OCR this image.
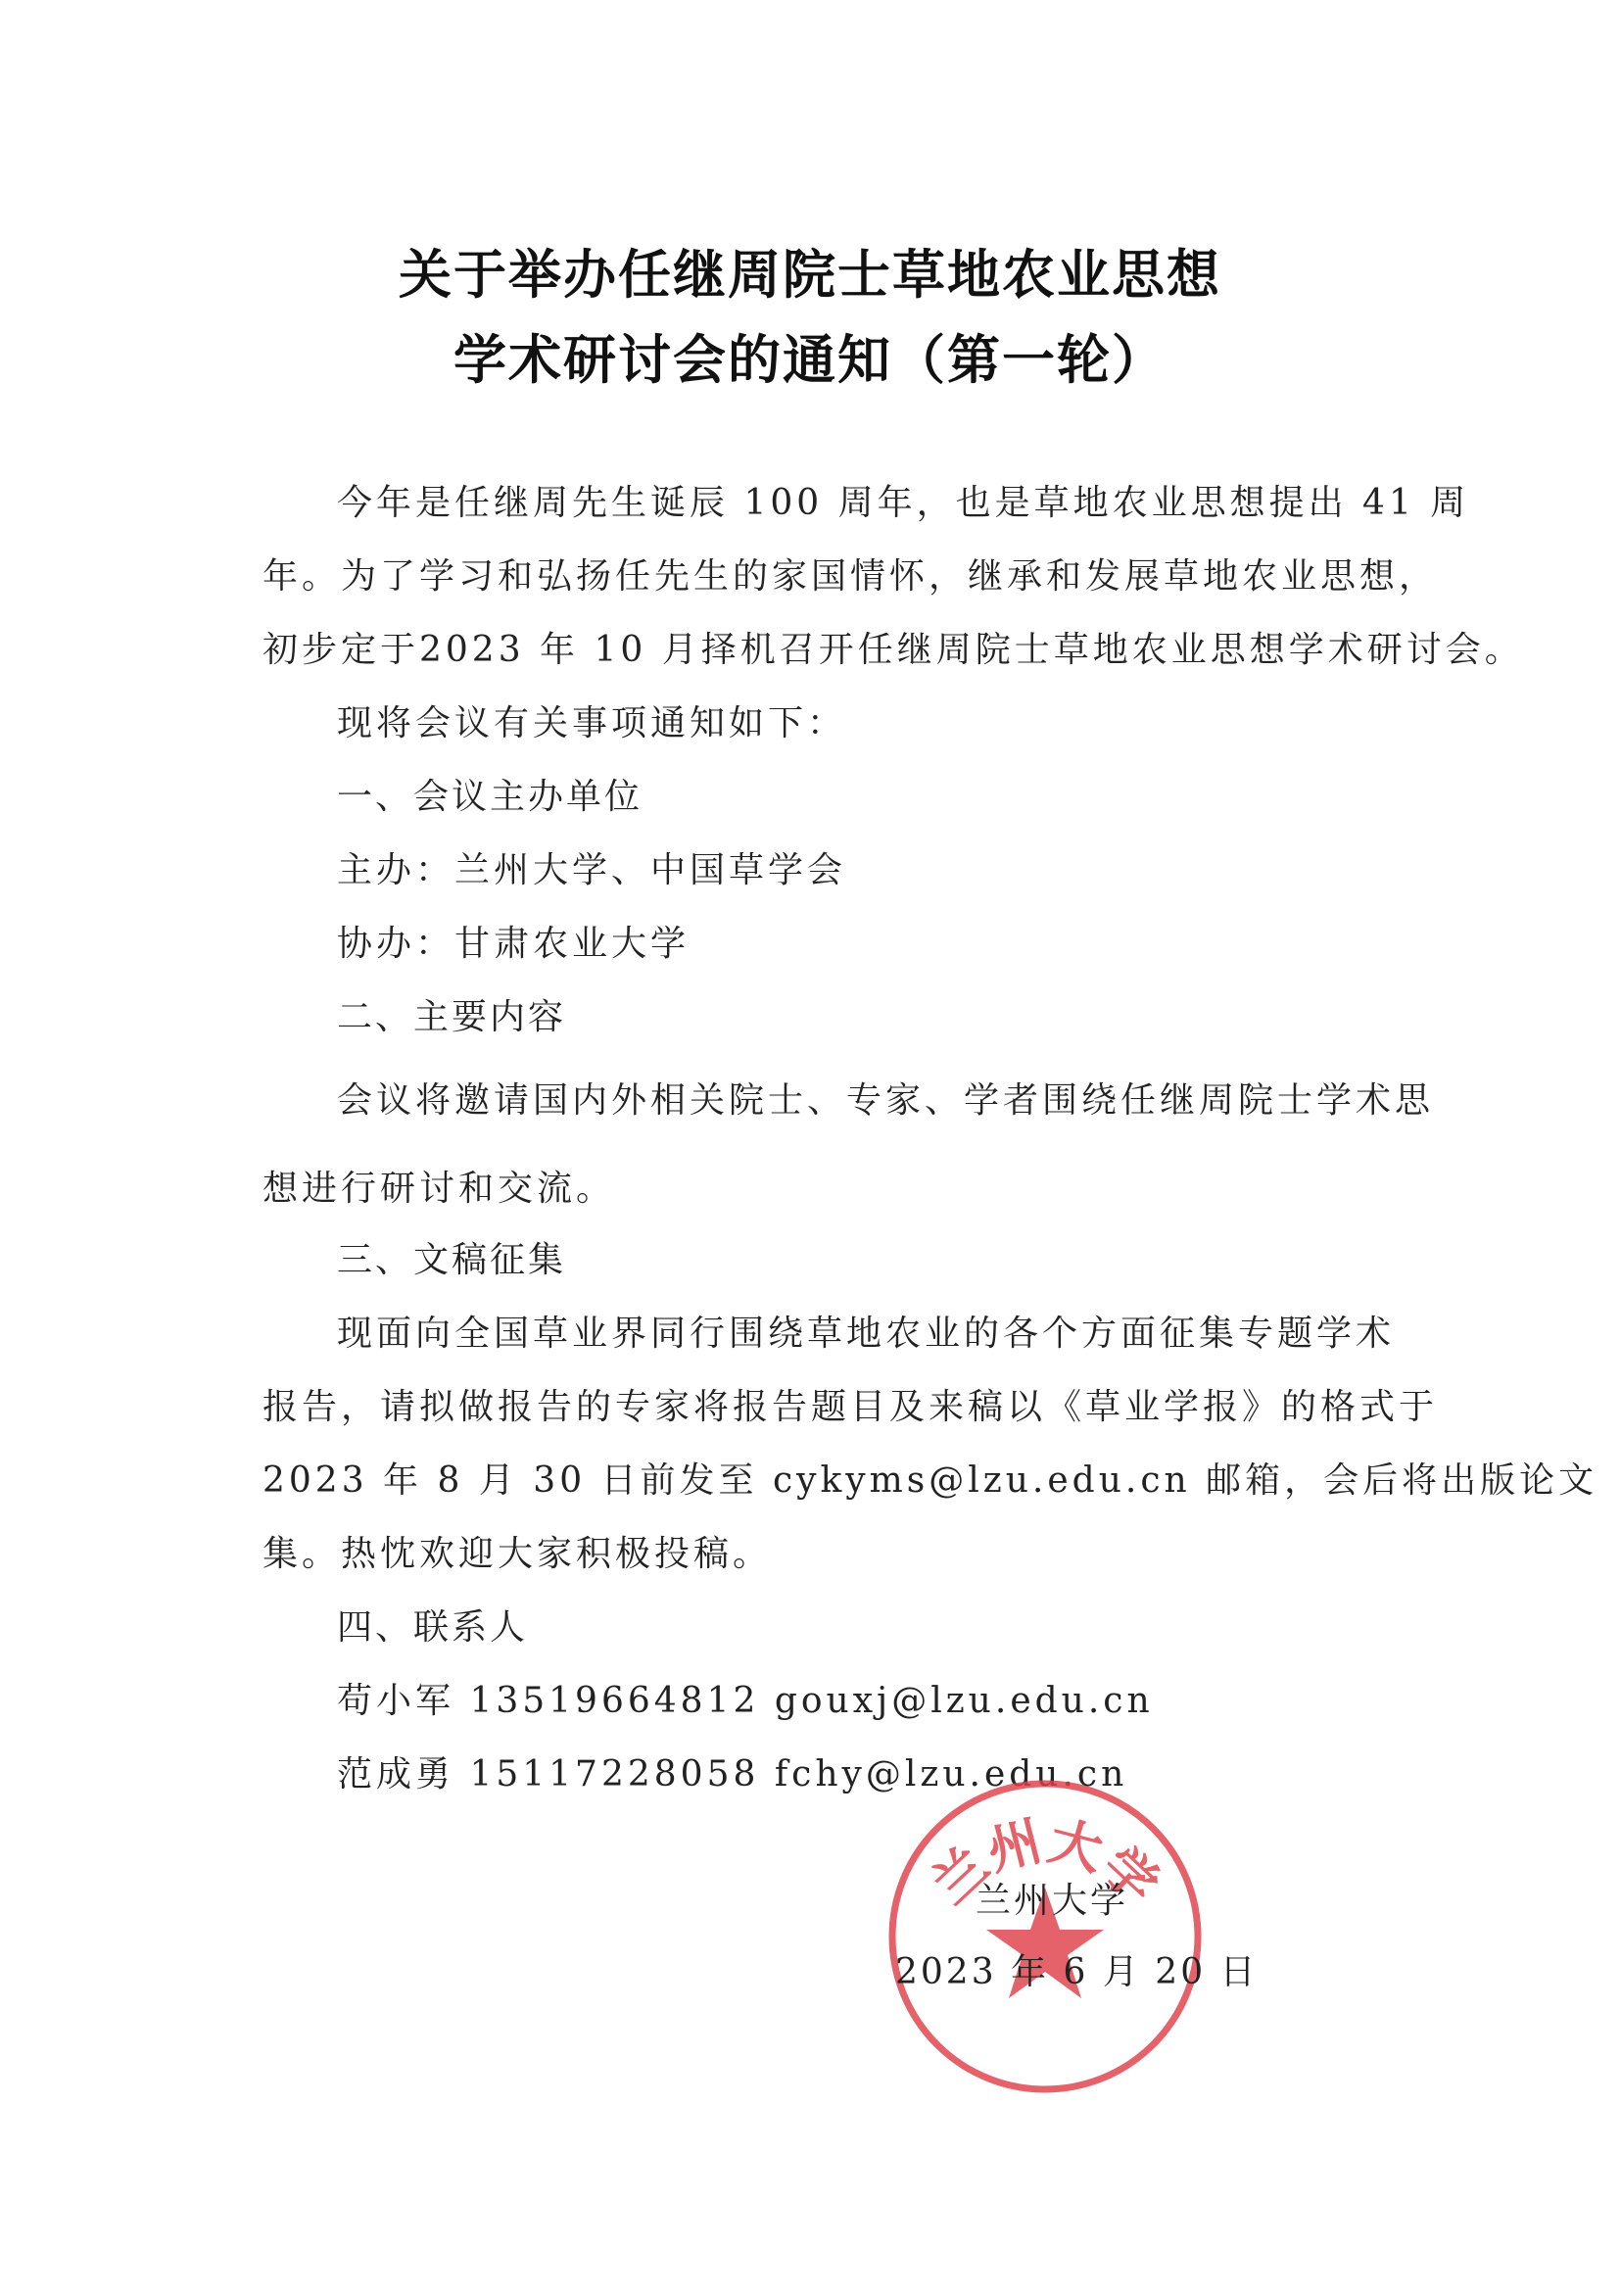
关于举办任继周院士草地农业思想
学术研讨会的通知（第一轮）
今年是任继周先生诞辰 100 周年，也是草地农业思想提出 41 周
年。为了学习和弘扬任先生的家国情怀，继承和发展草地农业思想，
初步定于2023 年 10 月择机召开任继周院士草地农业思想学术研讨会。
现将会议有关事项通知如下：
一、会议主办单位
主办：兰州大学、中国草学会
协办：甘肃农业大学
二、主要内容
会议将邀请国内外相关院士、专家、学者围绕任继周院士学术思
想进行研讨和交流。
三、文稿征集
现面向全国草业界同行围绕草地农业的各个方面征集专题学术
报告，请拟做报告的专家将报告题目及来稿以《草业学报》的格式于
2023 年 8 月 30 日前发至 cykyms@lzu.edu.cn 邮箱，会后将出版论文
集。热忱欢迎大家积极投稿。
四、联系人
苟小军 13519664812 gouxj@lzu.edu.cn
范成勇 15117228058 fchy@lzu.edu.cn
兰州大学
兰州大学
2023 年 6 月 20 日
